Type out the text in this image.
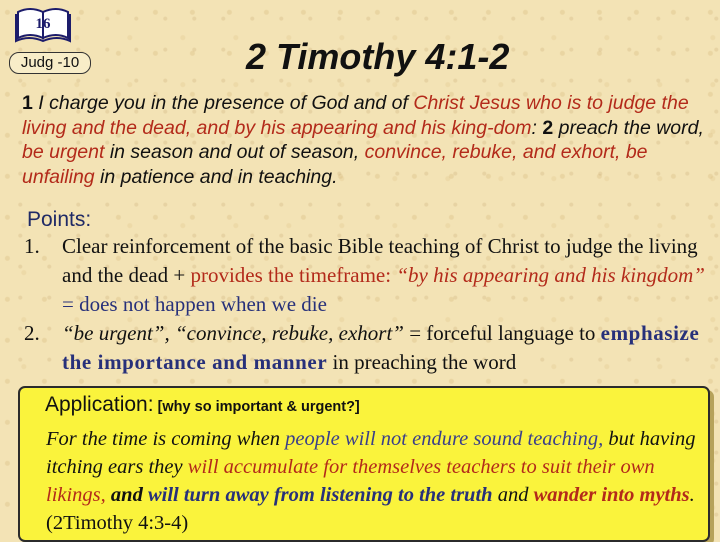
16
Judg -10	2 Timothy 4:1-2
1 I charge you in the presence of God and of Christ Jesus who is to judge the living and the dead, and by his appearing and his king-dom: 2 preach the word, be urgent in season and out of season, convince, rebuke, and exhort, be unfailing in patience and in teaching.
Points:
1. Clear reinforcement of the basic Bible teaching of Christ to judge the living and the dead + provides the timeframe: “by his appearing and his kingdom” = does not happen when we die
2. “be urgent”, “convince, rebuke, exhort” = forceful language to emphasize the importance and manner in preaching the word
Application: [why so important & urgent?]
For the time is coming when people will not endure sound teaching, but having itching ears they will accumulate for themselves teachers to suit their own likings, and will turn away from listening to the truth and wander into myths. (2Timothy 4:3-4)
